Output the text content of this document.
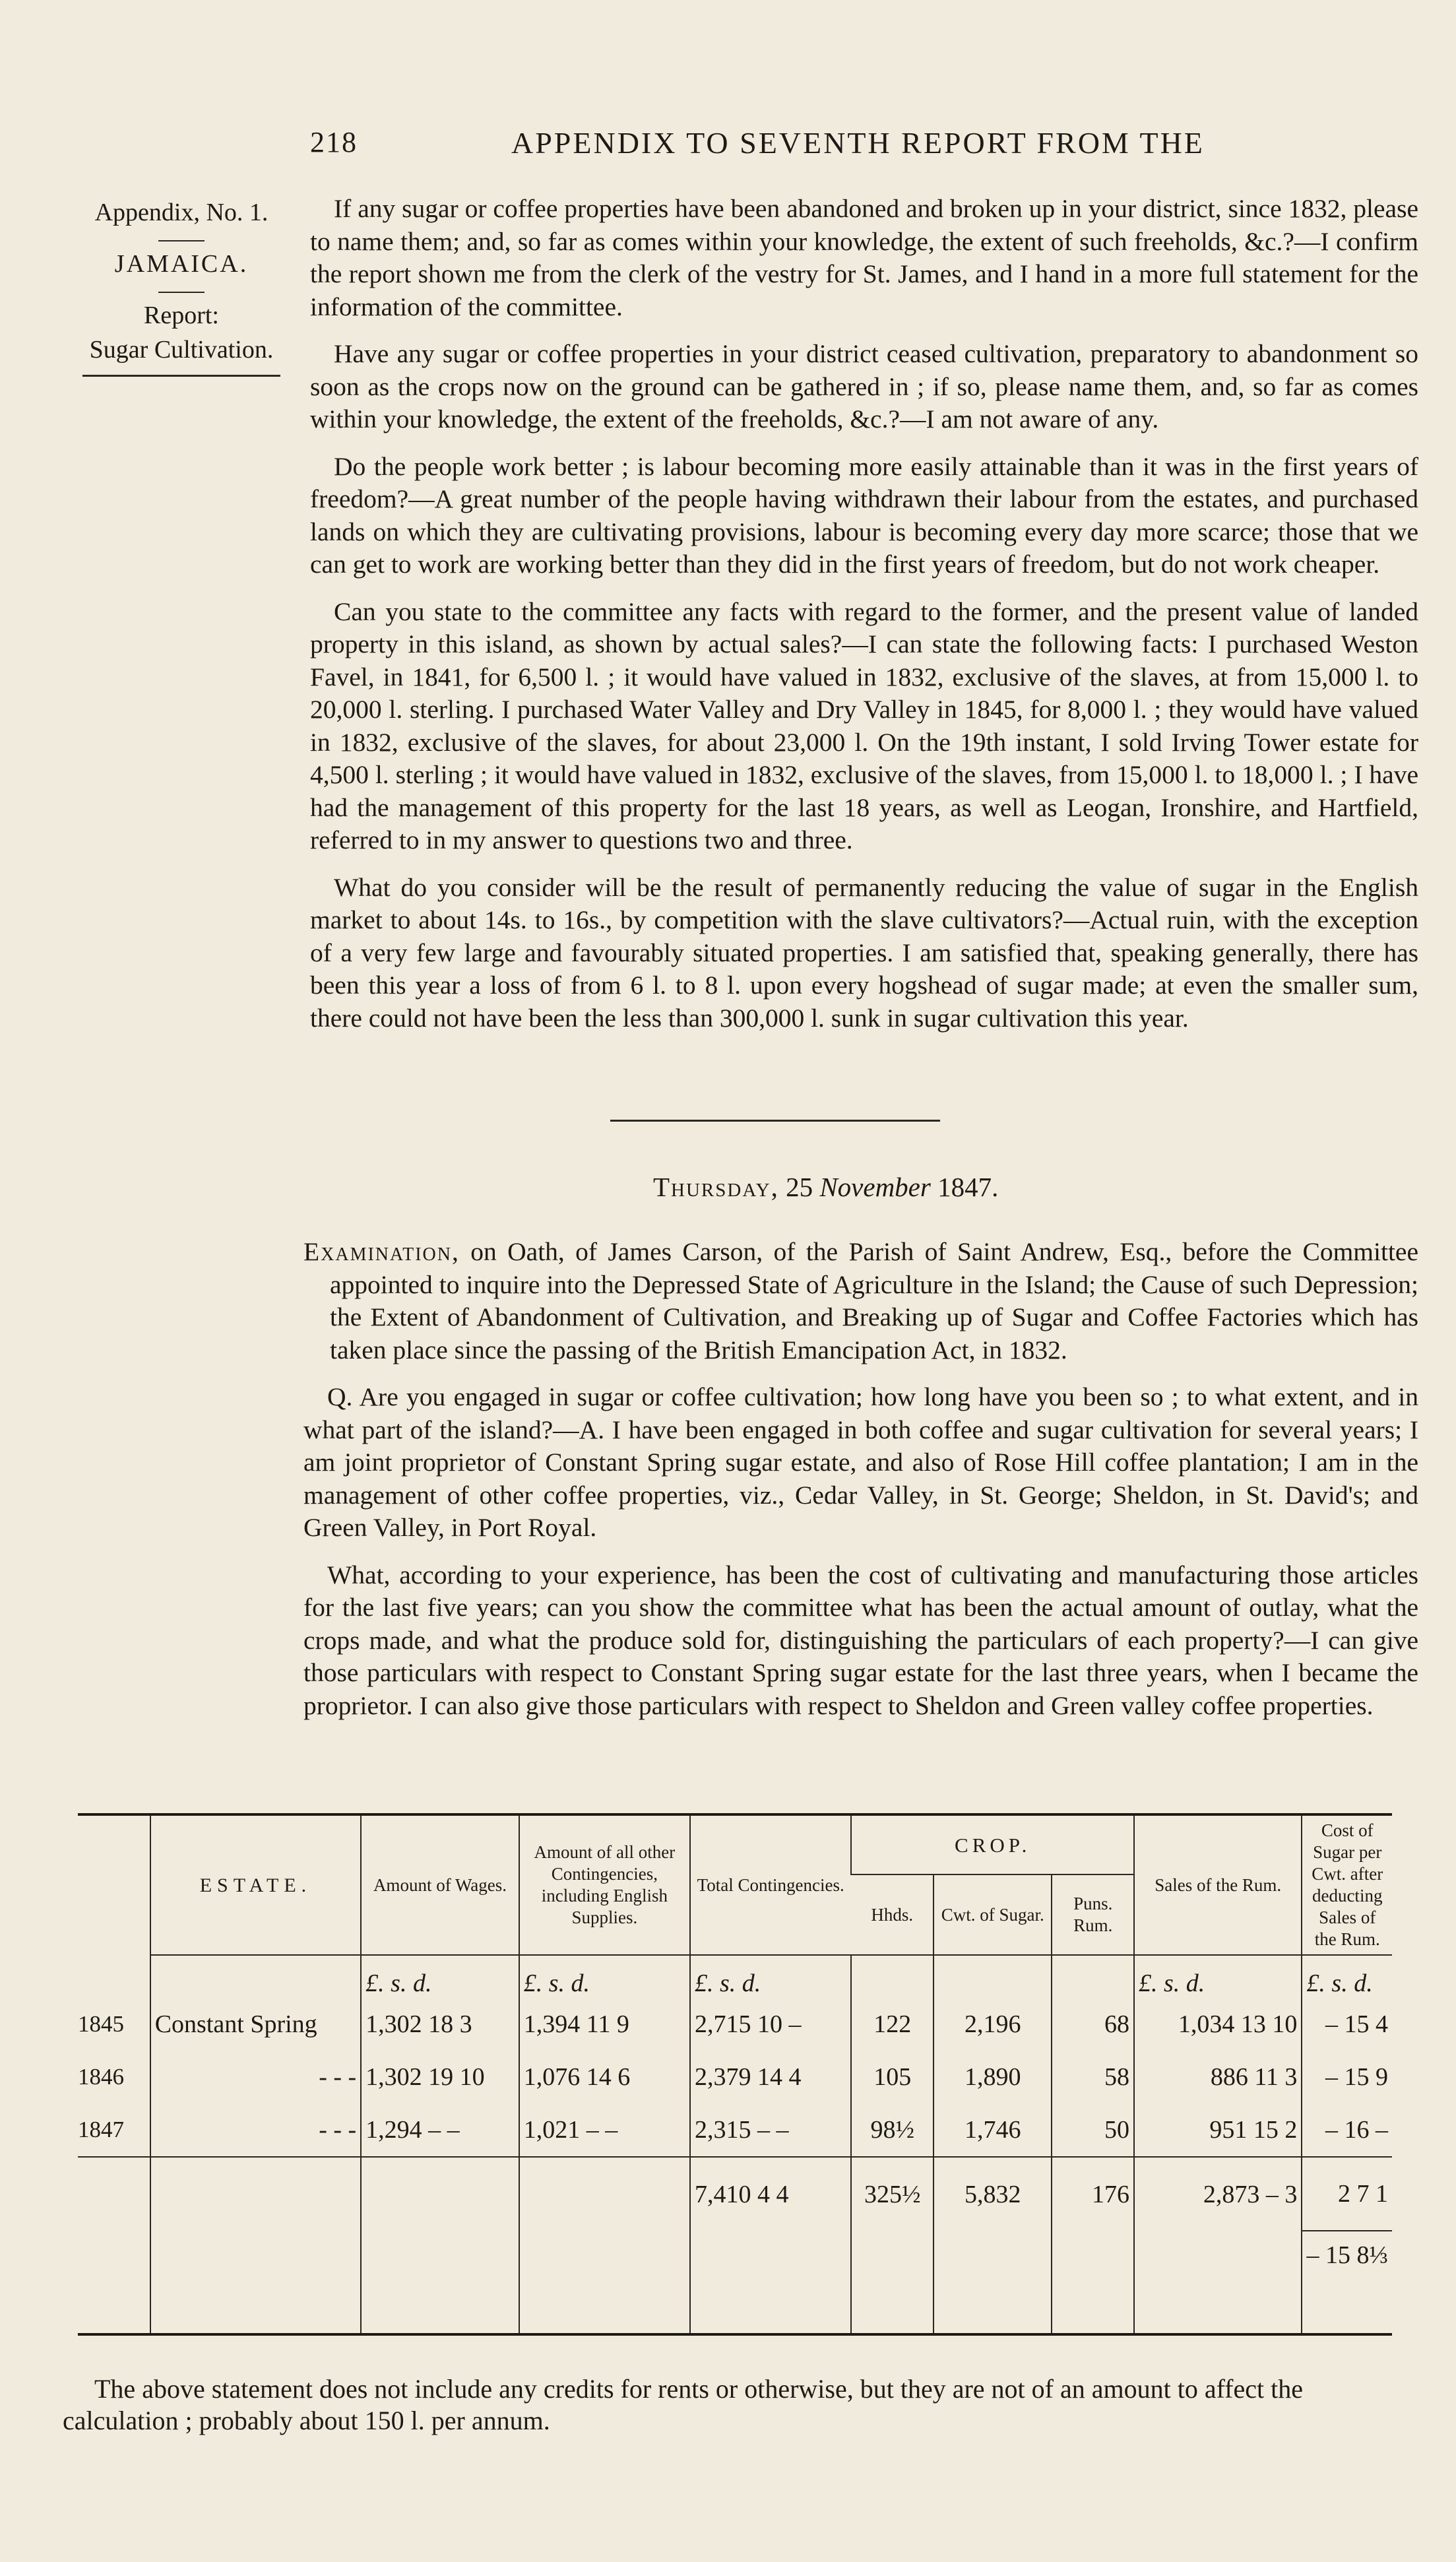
218	APPENDIX TO SEVENTH REPORT FROM THE
Appendix, No. 1.
JAMAICA.
Report:
Sugar Cultivation.

If any sugar or coffee properties have been abandoned and broken up in your district, since 1832, please to name them; and, so far as comes within your knowledge, the extent of such freeholds, &c.?—I confirm the report shown me from the clerk of the vestry for St. James, and I hand in a more full statement for the information of the committee.

Have any sugar or coffee properties in your district ceased cultivation, preparatory to abandonment so soon as the crops now on the ground can be gathered in ; if so, please name them, and, so far as comes within your knowledge, the extent of the freeholds, &c.?—I am not aware of any.

Do the people work better ; is labour becoming more easily attainable than it was in the first years of freedom?—A great number of the people having withdrawn their labour from the estates, and purchased lands on which they are cultivating provisions, labour is becoming every day more scarce; those that we can get to work are working better than they did in the first years of freedom, but do not work cheaper.

Can you state to the committee any facts with regard to the former, and the present value of landed property in this island, as shown by actual sales?—I can state the following facts: I purchased Weston Favel, in 1841, for 6,500 l. ; it would have valued in 1832, exclusive of the slaves, at from 15,000 l. to 20,000 l. sterling. I purchased Water Valley and Dry Valley in 1845, for 8,000 l. ; they would have valued in 1832, exclusive of the slaves, for about 23,000 l. On the 19th instant, I sold Irving Tower estate for 4,500 l. sterling ; it would have valued in 1832, exclusive of the slaves, from 15,000 l. to 18,000 l. ; I have had the management of this property for the last 18 years, as well as Leogan, Ironshire, and Hartfield, referred to in my answer to questions two and three.

What do you consider will be the result of permanently reducing the value of sugar in the English market to about 14s. to 16s., by competition with the slave cultivators?—Actual ruin, with the exception of a very few large and favourably situated properties. I am satisfied that, speaking generally, there has been this year a loss of from 6 l. to 8 l. upon every hogshead of sugar made; at even the smaller sum, there could not have been the less than 300,000 l. sunk in sugar cultivation this year.

Thursday, 25 November 1847.

Examination, on Oath, of James Carson, of the Parish of Saint Andrew, Esq., before the Committee appointed to inquire into the Depressed State of Agriculture in the Island; the Cause of such Depression; the Extent of Abandonment of Cultivation, and Breaking up of Sugar and Coffee Factories which has taken place since the passing of the British Emancipation Act, in 1832.

Q. Are you engaged in sugar or coffee cultivation; how long have you been so ; to what extent, and in what part of the island?—A. I have been engaged in both coffee and sugar cultivation for several years; I am joint proprietor of Constant Spring sugar estate, and also of Rose Hill coffee plantation; I am in the management of other coffee properties, viz., Cedar Valley, in St. George; Sheldon, in St. David's; and Green Valley, in Port Royal.

What, according to your experience, has been the cost of cultivating and manufacturing those articles for the last five years; can you show the committee what has been the actual amount of outlay, what the crops made, and what the produce sold for, distinguishing the particulars of each property?—I can give those particulars with respect to Constant Spring sugar estate for the last three years, when I became the proprietor. I can also give those particulars with respect to Sheldon and Green valley coffee properties.

	ESTATE.	Amount of Wages.	Amount of all other Contingencies, including English Supplies.	Total Contingencies.	CROP.			Sales of the Rum.	Cost of Sugar per Cwt. after deducting Sales of the Rum.
					Hhds.	Cwt. of Sugar.	Puns. Rum.		
		£. s. d.	£. s. d.	£. s. d.				£. s. d.	£. s. d.
1845	Constant Spring	1,302 18 3	1,394 11 9	2,715 10 –	122	2,196	68	1,034 13 10	– 15 4
1846	- - -	1,302 19 10	1,076 14 6	2,379 14 4	105	1,890	58	886 11 3	– 15 9
1847	- - -	1,294 – –	1,021 – –	2,315 – –	98½	1,746	50	951 15 2	– 16 –
				7,410 4 4	325½	5,832	176	2,873 – 3	2 7 1
									– 15 8⅓

The above statement does not include any credits for rents or otherwise, but they are not of an amount to affect the calculation ; probably about 150 l. per annum.
